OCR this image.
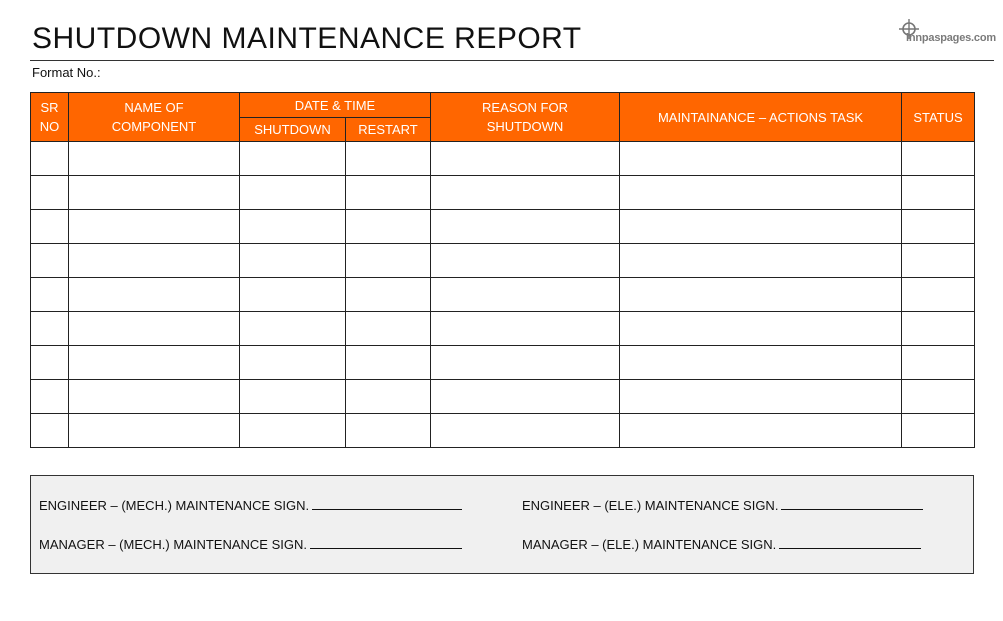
SHUTDOWN MAINTENANCE REPORT
Format No.:
innpaspages.com
SR NO	NAME OF COMPONENT	DATE & TIME		REASON FOR SHUTDOWN	MAINTAINANCE – ACTIONS TASK	STATUS
		SHUTDOWN	RESTART			

ENGINEER – (MECH.) MAINTENANCE SIGN.	ENGINEER – (ELE.) MAINTENANCE SIGN.
MANAGER – (MECH.) MAINTENANCE SIGN.	MANAGER – (ELE.) MAINTENANCE SIGN.
